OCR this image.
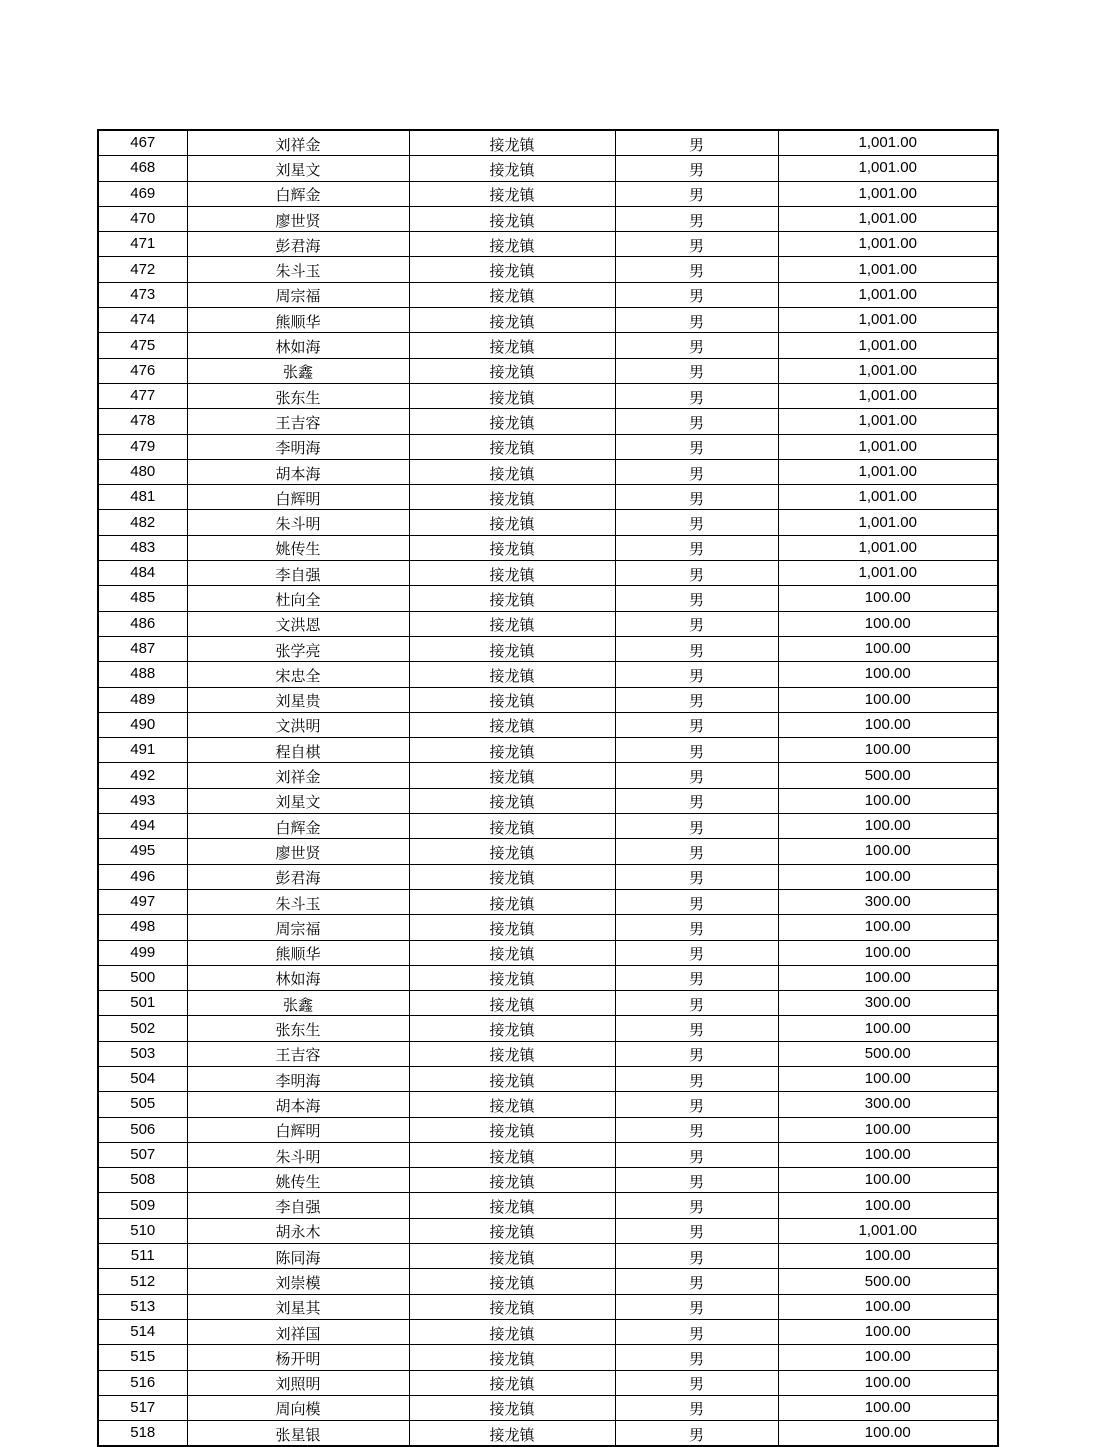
467	刘祥金	接龙镇	男	1,001.00
468	刘星文	接龙镇	男	1,001.00
469	白辉金	接龙镇	男	1,001.00
470	廖世贤	接龙镇	男	1,001.00
471	彭君海	接龙镇	男	1,001.00
472	朱斗玉	接龙镇	男	1,001.00
473	周宗福	接龙镇	男	1,001.00
474	熊顺华	接龙镇	男	1,001.00
475	林如海	接龙镇	男	1,001.00
476	张鑫	接龙镇	男	1,001.00
477	张东生	接龙镇	男	1,001.00
478	王吉容	接龙镇	男	1,001.00
479	李明海	接龙镇	男	1,001.00
480	胡本海	接龙镇	男	1,001.00
481	白辉明	接龙镇	男	1,001.00
482	朱斗明	接龙镇	男	1,001.00
483	姚传生	接龙镇	男	1,001.00
484	李自强	接龙镇	男	1,001.00
485	杜向全	接龙镇	男	100.00
486	文洪恩	接龙镇	男	100.00
487	张学亮	接龙镇	男	100.00
488	宋忠全	接龙镇	男	100.00
489	刘星贵	接龙镇	男	100.00
490	文洪明	接龙镇	男	100.00
491	程自棋	接龙镇	男	100.00
492	刘祥金	接龙镇	男	500.00
493	刘星文	接龙镇	男	100.00
494	白辉金	接龙镇	男	100.00
495	廖世贤	接龙镇	男	100.00
496	彭君海	接龙镇	男	100.00
497	朱斗玉	接龙镇	男	300.00
498	周宗福	接龙镇	男	100.00
499	熊顺华	接龙镇	男	100.00
500	林如海	接龙镇	男	100.00
501	张鑫	接龙镇	男	300.00
502	张东生	接龙镇	男	100.00
503	王吉容	接龙镇	男	500.00
504	李明海	接龙镇	男	100.00
505	胡本海	接龙镇	男	300.00
506	白辉明	接龙镇	男	100.00
507	朱斗明	接龙镇	男	100.00
508	姚传生	接龙镇	男	100.00
509	李自强	接龙镇	男	100.00
510	胡永木	接龙镇	男	1,001.00
511	陈同海	接龙镇	男	100.00
512	刘崇模	接龙镇	男	500.00
513	刘星其	接龙镇	男	100.00
514	刘祥国	接龙镇	男	100.00
515	杨开明	接龙镇	男	100.00
516	刘照明	接龙镇	男	100.00
517	周向模	接龙镇	男	100.00
518	张星银	接龙镇	男	100.00
